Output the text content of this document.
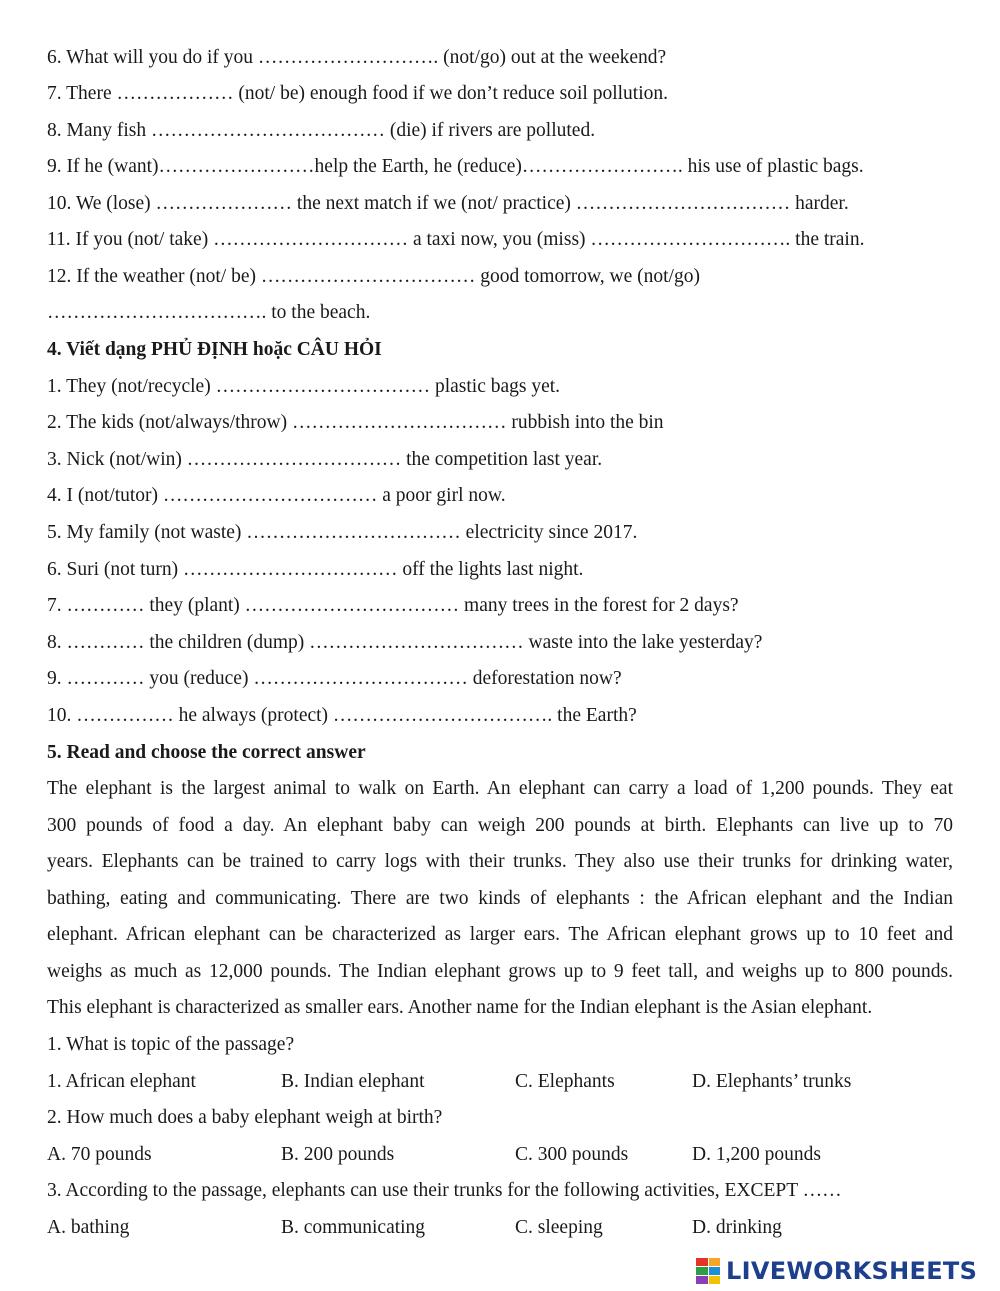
6. What will you do if you ………………………. (not/go) out at the weekend?

7. There ……………… (not/ be) enough food if we don’t reduce soil pollution.

8. Many fish ……………………………… (die) if rivers are polluted.

9. If he (want)……………………help the Earth, he (reduce)……………………. his use of plastic bags.

10. We (lose) ………………… the next match if we (not/ practice) …………………………… harder.

11. If you (not/ take) ………………………… a taxi now, you (miss) …………………………. the train.

12. If the weather (not/ be) …………………………… good tomorrow, we (not/go)

……………………………. to the beach.

4. Viết dạng PHỦ ĐỊNH hoặc CÂU HỎI

1. They (not/recycle) …………………………… plastic bags yet.

2. The kids (not/always/throw) …………………………… rubbish into the bin

3. Nick (not/win) …………………………… the competition last year.

4. I (not/tutor) …………………………… a poor girl now.

5. My family (not waste) …………………………… electricity since 2017.

6. Suri (not turn) …………………………… off the lights last night.

7. ………… they (plant) …………………………… many trees in the forest for 2 days?

8. ………… the children (dump) …………………………… waste into the lake yesterday?

9. ………… you (reduce) …………………………… deforestation now?

10. …………… he always (protect) ……………………………. the Earth?

5. Read and choose the correct answer

The elephant is the largest animal to walk on Earth. An elephant can carry a load of 1,200 pounds. They eat

300 pounds of food a day. An elephant baby can weigh 200 pounds at birth. Elephants can live up to 70

years. Elephants can be trained to carry logs with their trunks. They also use their trunks for drinking water,

bathing, eating and communicating. There are two kinds of elephants : the African elephant and the Indian

elephant. African elephant can be characterized as larger ears. The African elephant grows up to 10 feet and

weighs as much as 12,000 pounds. The Indian elephant grows up to 9 feet tall, and weighs up to 800 pounds.

This elephant is characterized as smaller ears. Another name for the Indian elephant is the Asian elephant.

1. What is topic of the passage?

1. African elephant	B. Indian elephant	C. Elephants	D. Elephants’ trunks

2. How much does a baby elephant weigh at birth?

A. 70 pounds	B. 200 pounds	C. 300 pounds	D. 1,200 pounds

3. According to the passage, elephants can use their trunks for the following activities, EXCEPT ……

A. bathing	B. communicating	C. sleeping	D. drinking
LIVEWORKSHEETS
